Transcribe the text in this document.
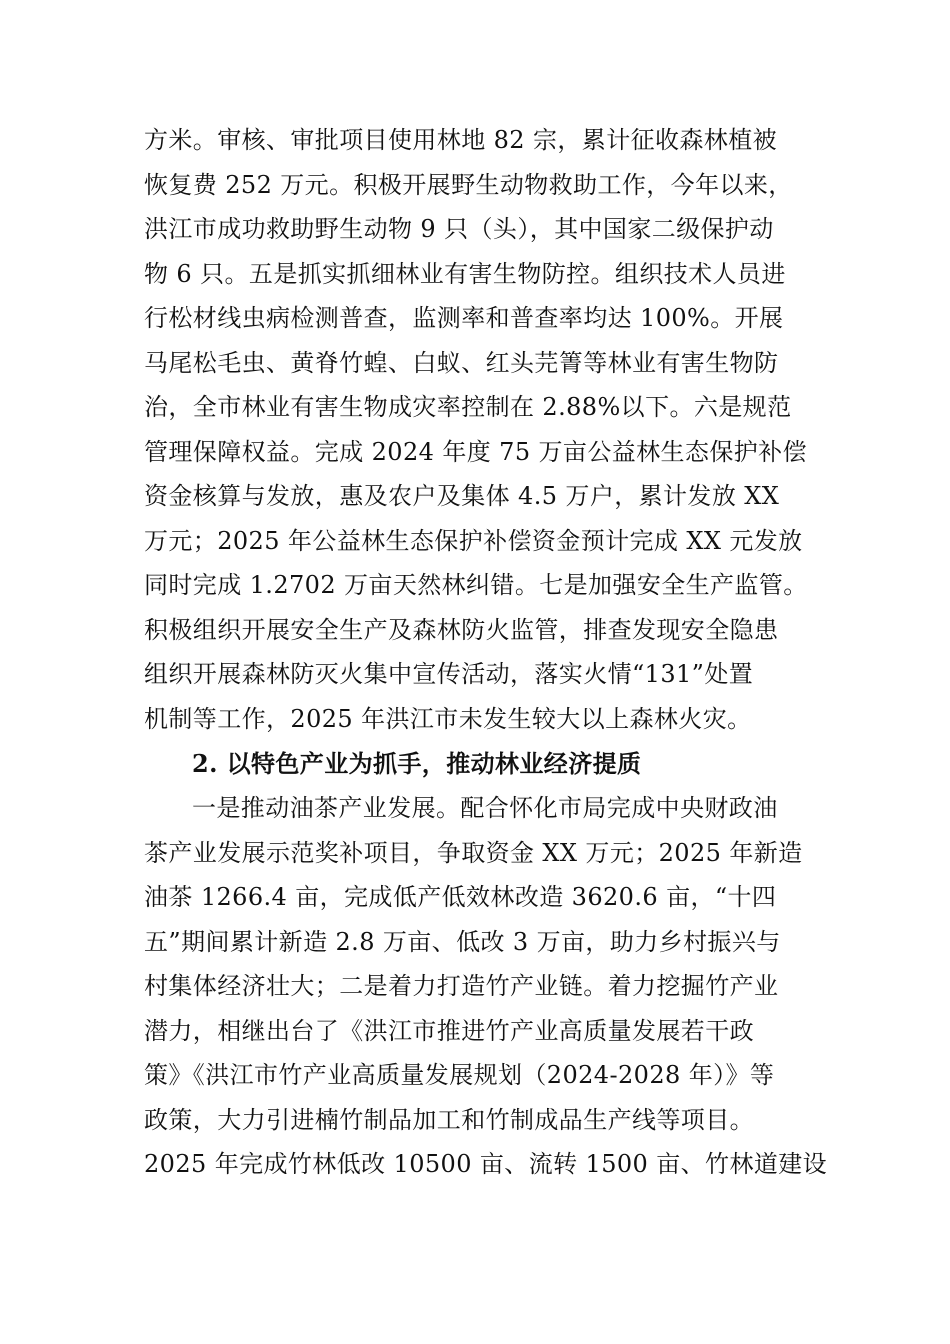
方米。审核、审批项目使用林地 82 宗，累计征收森林植被
恢复费 252 万元。积极开展野生动物救助工作，今年以来，
洪江市成功救助野生动物 9 只（头），其中国家二级保护动
物 6 只。五是抓实抓细林业有害生物防控。组织技术人员进
行松材线虫病检测普查，监测率和普查率均达 100%。开展
马尾松毛虫、黄脊竹蝗、白蚁、红头芫箐等林业有害生物防
治，全市林业有害生物成灾率控制在 2.88%以下。六是规范
管理保障权益。完成 2024 年度 75 万亩公益林生态保护补偿
资金核算与发放，惠及农户及集体 4.5 万户，累计发放 XX
万元；2025 年公益林生态保护补偿资金预计完成 XX 元发放
同时完成 1.2702 万亩天然林纠错。七是加强安全生产监管。
积极组织开展安全生产及森林防火监管，排查发现安全隐患
组织开展森林防灭火集中宣传活动，落实火情“131”处置
机制等工作，2025 年洪江市未发生较大以上森林火灾。
2. 以特色产业为抓手，推动林业经济提质
一是推动油茶产业发展。配合怀化市局完成中央财政油
茶产业发展示范奖补项目，争取资金 XX 万元；2025 年新造
油茶 1266.4 亩，完成低产低效林改造 3620.6 亩，“十四
五”期间累计新造 2.8 万亩、低改 3 万亩，助力乡村振兴与
村集体经济壮大；二是着力打造竹产业链。着力挖掘竹产业
潜力，相继出台了《洪江市推进竹产业高质量发展若干政
策》《洪江市竹产业高质量发展规划（2024-2028 年）》等
政策，大力引进楠竹制品加工和竹制成品生产线等项目。
2025 年完成竹林低改 10500 亩、流转 1500 亩、竹林道建设
